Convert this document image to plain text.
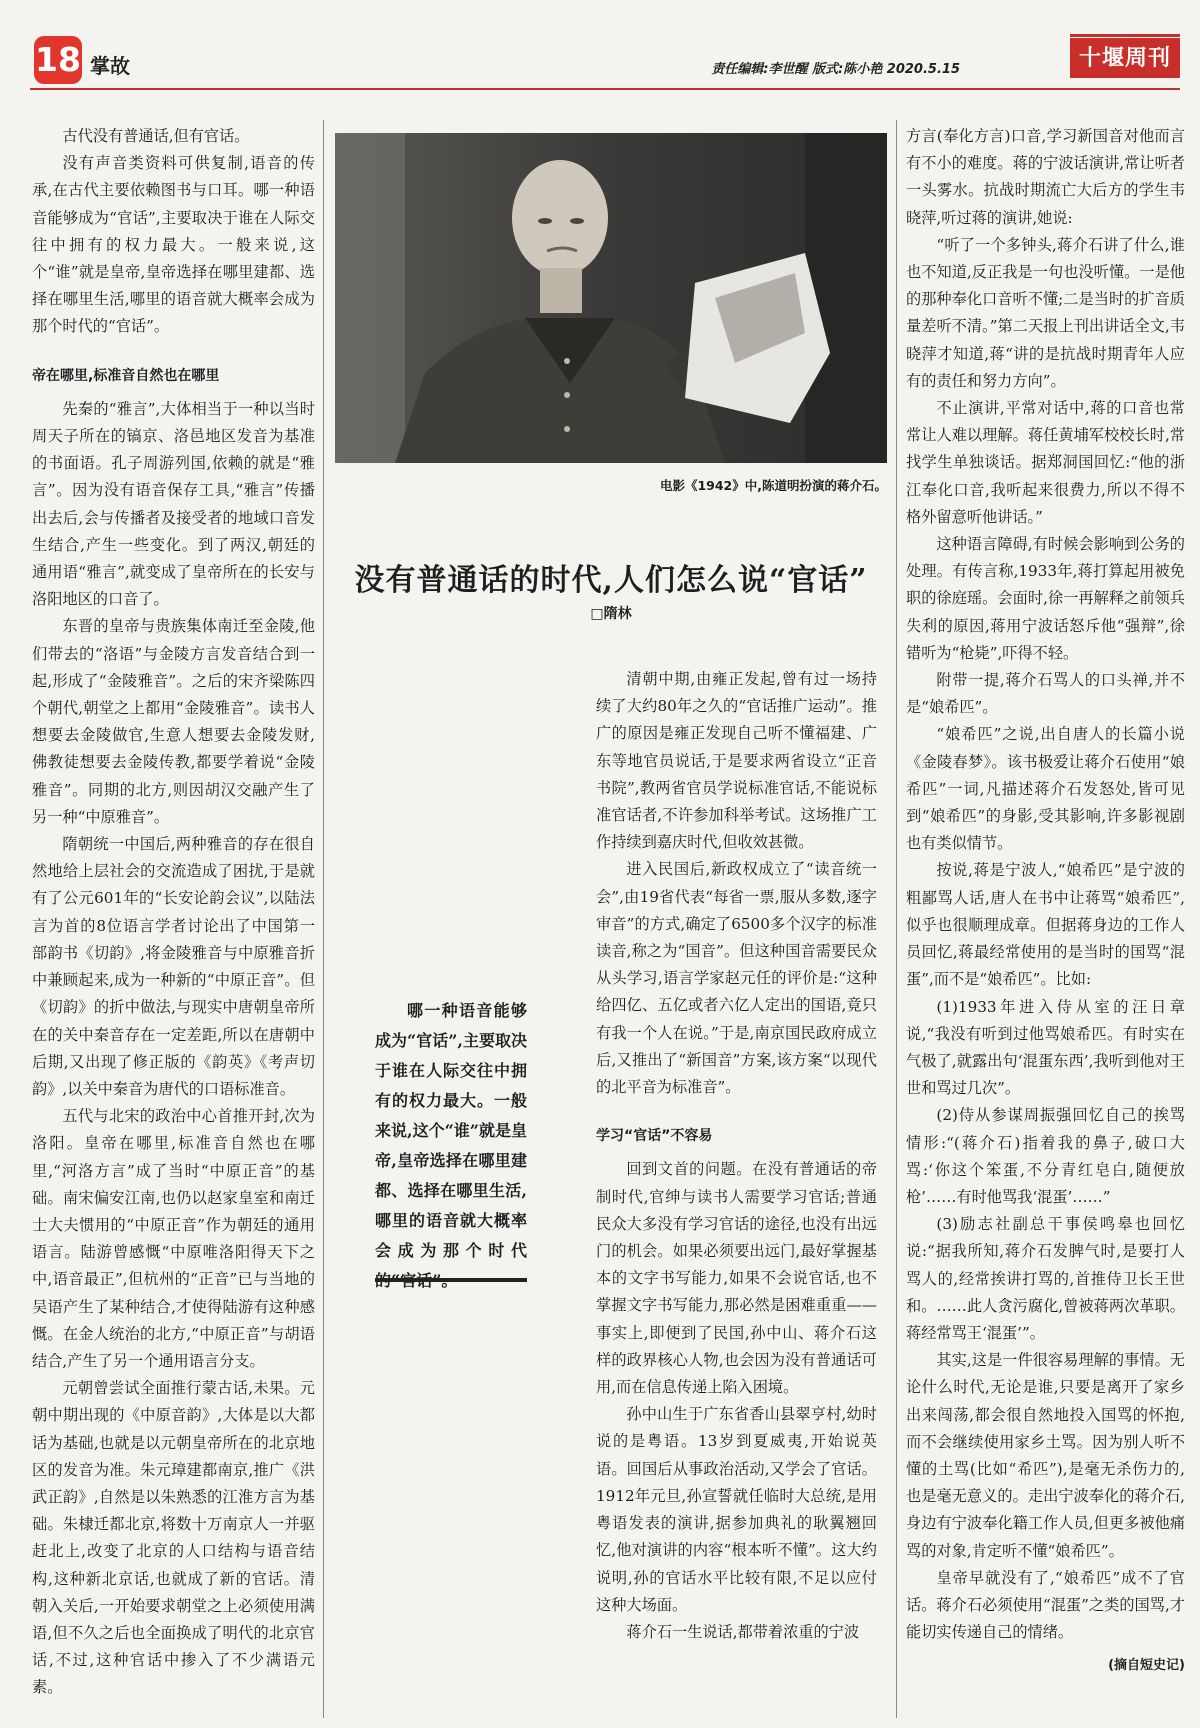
18 掌故	责任编辑:李世醒 版式:陈小艳 2020.5.15	十堰周刊

古代没有普通话,但有官话。

没有声音类资料可供复制,语音的传承,在古代主要依赖图书与口耳。哪一种语音能够成为“官话”,主要取决于谁在人际交往中拥有的权力最大。一般来说,这个“谁”就是皇帝,皇帝选择在哪里建都、选择在哪里生活,哪里的语音就大概率会成为那个时代的“官话”。

帝在哪里,标准音自然也在哪里

先秦的“雅言”,大体相当于一种以当时周天子所在的镐京、洛邑地区发音为基准的书面语。孔子周游列国,依赖的就是“雅言”。因为没有语音保存工具,“雅言”传播出去后,会与传播者及接受者的地域口音发生结合,产生一些变化。到了两汉,朝廷的通用语“雅言”,就变成了皇帝所在的长安与洛阳地区的口音了。

东晋的皇帝与贵族集体南迁至金陵,他们带去的“洛语”与金陵方言发音结合到一起,形成了“金陵雅音”。之后的宋齐梁陈四个朝代,朝堂之上都用“金陵雅音”。读书人想要去金陵做官,生意人想要去金陵发财,佛教徒想要去金陵传教,都要学着说“金陵雅音”。同期的北方,则因胡汉交融产生了另一种“中原雅音”。

隋朝统一中国后,两种雅音的存在很自然地给上层社会的交流造成了困扰,于是就有了公元601年的“长安论韵会议”,以陆法言为首的8位语言学者讨论出了中国第一部韵书《切韵》,将金陵雅音与中原雅音折中兼顾起来,成为一种新的“中原正音”。但《切韵》的折中做法,与现实中唐朝皇帝所在的关中秦音存在一定差距,所以在唐朝中后期,又出现了修正版的《韵英》《考声切韵》,以关中秦音为唐代的口语标准音。

五代与北宋的政治中心首推开封,次为洛阳。皇帝在哪里,标准音自然也在哪里,“河洛方言”成了当时“中原正音”的基础。南宋偏安江南,也仍以赵家皇室和南迁士大夫惯用的“中原正音”作为朝廷的通用语言。陆游曾感慨“中原唯洛阳得天下之中,语音最正”,但杭州的“正音”已与当地的吴语产生了某种结合,才使得陆游有这种感慨。在金人统治的北方,“中原正音”与胡语结合,产生了另一个通用语言分支。

元朝曾尝试全面推行蒙古话,未果。元朝中期出现的《中原音韵》,大体是以大都话为基础,也就是以元朝皇帝所在的北京地区的发音为准。朱元璋建都南京,推广《洪武正韵》,自然是以朱熟悉的江淮方言为基础。朱棣迁都北京,将数十万南京人一并驱赶北上,改变了北京的人口结构与语音结构,这种新北京话,也就成了新的官话。清朝入关后,一开始要求朝堂之上必须使用满语,但不久之后也全面换成了明代的北京官话,不过,这种官话中掺入了不少满语元素。

电影《1942》中,陈道明扮演的蒋介石。
没有普通话的时代,人们怎么说“官话”
□隋林

哪一种语音能够成为“官话”,主要取决于谁在人际交往中拥有的权力最大。一般来说,这个“谁”就是皇帝,皇帝选择在哪里建都、选择在哪里生活,哪里的语音就大概率会成为那个时代

清朝中期,由雍正发起,曾有过一场持续了大约80年之久的“官话推广运动”。推广的原因是雍正发现自己听不懂福建、广东等地官员说话,于是要求两省设立“正音书院”,教两省官员学说标准官话,不能说标准官话者,不许参加科举考试。这场推广工作持续到嘉庆时代,但收效甚微。

进入民国后,新政权成立了“读音统一会”,由19省代表“每省一票,服从多数,逐字审音”的方式,确定了6500多个汉字的标准读音,称之为“国音”。但这种国音需要民众从头学习,语言学家赵元任的评价是:“这种给四亿、五亿或者六亿人定出的国语,竟只有我一个人在说。”于是,南京国民政府成立后,又推出了“新国音”方案,该方案“以现代的北平音为标准音”。

学习“官话”不容易

回到文首的问题。在没有普通话的帝制时代,官绅与读书人需要学习官话;普通民众大多没有学习官话的途径,也没有出远门的机会。如果必须要出远门,最好掌握基本的文字书写能力,如果不会说官话,也不掌握文字书写能力,那必然是困难重重——事实上,即便到了民国,孙中山、蒋介石这样的政界核心人物,也会因为没有普通话可用,而在信息传递上陷入困境。

孙中山生于广东省香山县翠亨村,幼时说的是粤语。13岁到夏威夷,开始说英语。回国后从事政治活动,又学会了官话。1912年元旦,孙宣誓就任临时大总统,是用粤语发表的演讲,据参加典礼的耿翼翘回忆,他对演讲的内容“根本听不懂”。这大约说明,孙的官话水平比较有限,不足以应付这种大场面。

蒋介石一生说话,都带着浓重的宁波

方言(奉化方言)口音,学习新国音对他而言有不小的难度。蒋的宁波话演讲,常让听者一头雾水。抗战时期流亡大后方的学生韦晓萍,听过蒋的演讲,她说:

“听了一个多钟头,蒋介石讲了什么,谁也不知道,反正我是一句也没听懂。一是他的那种奉化口音听不懂;二是当时的扩音质量差听不清。”第二天报上刊出讲话全文,韦晓萍才知道,蒋“讲的是抗战时期青年人应有的责任和努力方向”。

不止演讲,平常对话中,蒋的口音也常常让人难以理解。蒋任黄埔军校校长时,常找学生单独谈话。据郑洞国回忆:“他的浙江奉化口音,我听起来很费力,所以不得不格外留意听他讲话。”

这种语言障碍,有时候会影响到公务的处理。有传言称,1933年,蒋打算起用被免职的徐庭瑶。会面时,徐一再解释之前领兵失利的原因,蒋用宁波话怒斥他“强辩”,徐错听为“枪毙”,吓得不轻。

附带一提,蒋介石骂人的口头禅,并不是“娘希匹”。

“娘希匹”之说,出自唐人的长篇小说《金陵春梦》。该书极爱让蒋介石使用“娘希匹”一词,凡描述蒋介石发怒处,皆可见到“娘希匹”的身影,受其影响,许多影视剧也有类似情节。

按说,蒋是宁波人,“娘希匹”是宁波的粗鄙骂人话,唐人在书中让蒋骂“娘希匹”,似乎也很顺理成章。但据蒋身边的工作人员回忆,蒋最经常使用的是当时的国骂“混蛋”,而不是“娘希匹”。比如:

(1)1933年进入侍从室的汪日章说,“我没有听到过他骂娘希匹。有时实在气极了,就露出句‘混蛋东西’,我听到他对王世和骂过几次”。

(2)侍从参谋周振强回忆自己的挨骂情形:“(蒋介石)指着我的鼻子,破口大骂:‘你这个笨蛋,不分青红皂白,随便放枪’……有时他骂我‘混蛋’……”

(3)励志社副总干事侯鸣皋也回忆说:“据我所知,蒋介石发脾气时,是要打人骂人的,经常挨讲打骂的,首推侍卫长王世和。……此人贪污腐化,曾被蒋两次革职。蒋经常骂王‘混蛋’”。

其实,这是一件很容易理解的事情。无论什么时代,无论是谁,只要是离开了家乡出来闯荡,都会很自然地投入国骂的怀抱,而不会继续使用家乡土骂。因为别人听不懂的土骂(比如“希匹”),是毫无杀伤力的,也是毫无意义的。走出宁波奉化的蒋介石,身边有宁波奉化籍工作人员,但更多被他痛骂的对象,肯定听不懂“娘希匹”。

皇帝早就没有了,“娘希匹”成不了官话。蒋介石必须使用“混蛋”之类的国骂,才能切实传递自己的情绪。

(摘自短史记)
